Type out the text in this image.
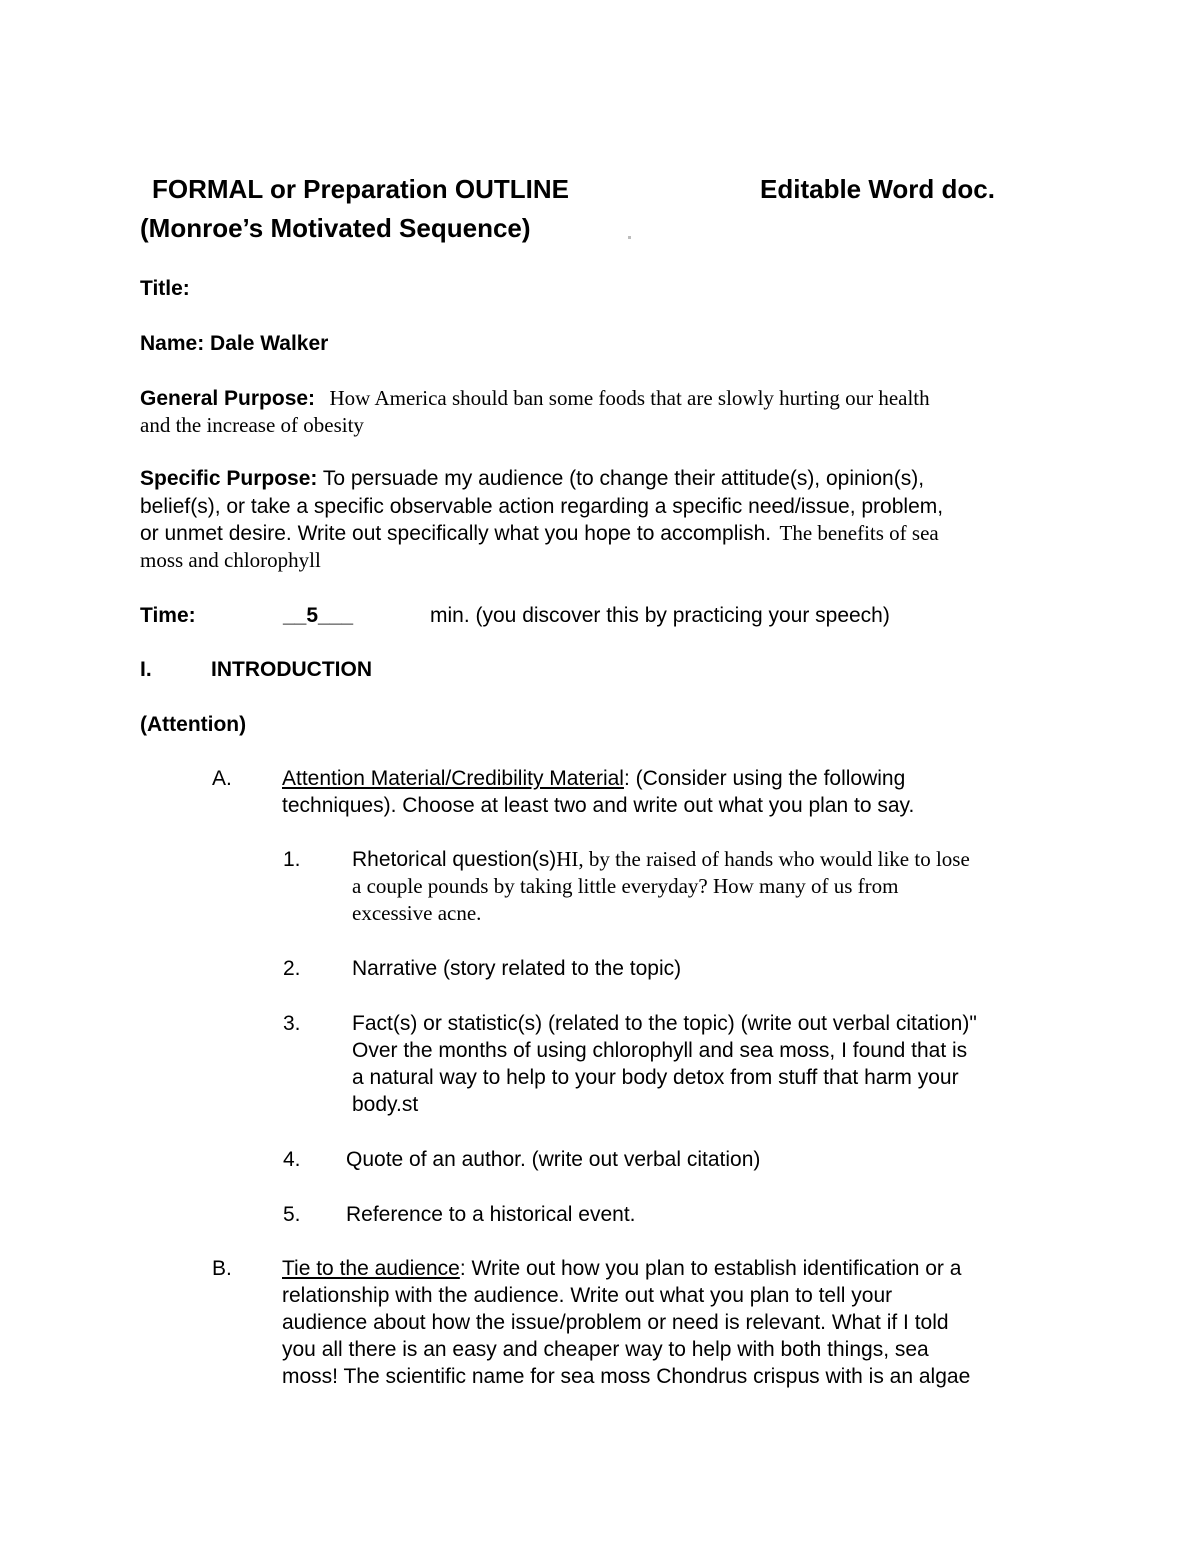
FORMAL or Preparation OUTLINE	Editable Word doc.
(Monroe’s Motivated Sequence)
Title:
Name: Dale Walker
General Purpose: How America should ban some foods that are slowly hurting our health
and the increase of obesity
Specific Purpose: To persuade my audience (to change their attitude(s), opinion(s),
belief(s), or take a specific observable action regarding a specific need/issue, problem,
or unmet desire. Write out specifically what you hope to accomplish. The benefits of sea
moss and chlorophyll
Time:	__5___	min. (you discover this by practicing your speech)
I.	INTRODUCTION
(Attention)
A. Attention Material/Credibility Material: (Consider using the following
techniques). Choose at least two and write out what you plan to say.
1. Rhetorical question(s)HI, by the raised of hands who would like to lose
a couple pounds by taking little everyday? How many of us from
excessive acne.
2. Narrative (story related to the topic)
3. Fact(s) or statistic(s) (related to the topic) (write out verbal citation)"
Over the months of using chlorophyll and sea moss, I found that is
a natural way to help to your body detox from stuff that harm your
body.st
4. Quote of an author. (write out verbal citation)
5. Reference to a historical event.
B. Tie to the audience: Write out how you plan to establish identification or a
relationship with the audience. Write out what you plan to tell your
audience about how the issue/problem or need is relevant. What if I told
you all there is an easy and cheaper way to help with both things, sea
moss! The scientific name for sea moss Chondrus crispus with is an algae
